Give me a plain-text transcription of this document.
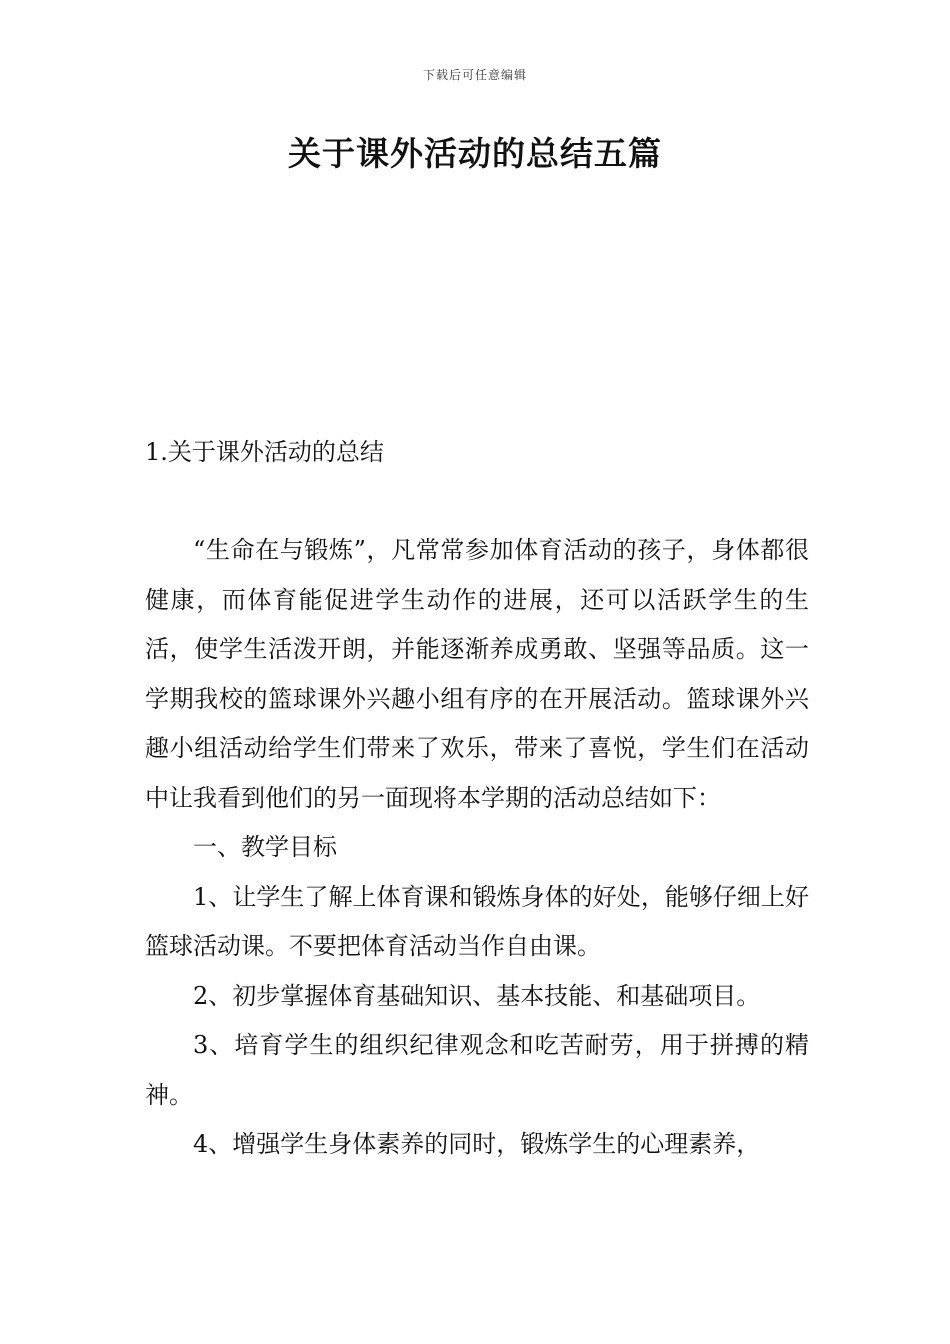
下载后可任意编辑
关于课外活动的总结五篇
1.关于课外活动的总结

“生命在与锻炼”，凡常常参加体育活动的孩子，身体都很健康，而体育能促进学生动作的进展，还可以活跃学生的生活，使学生活泼开朗，并能逐渐养成勇敢、坚强等品质。这一学期我校的篮球课外兴趣小组有序的在开展活动。篮球课外兴趣小组活动给学生们带来了欢乐，带来了喜悦，学生们在活动中让我看到他们的另一面现将本学期的活动总结如下：

一、教学目标

1、让学生了解上体育课和锻炼身体的好处，能够仔细上好篮球活动课。不要把体育活动当作自由课。

2、初步掌握体育基础知识、基本技能、和基础项目。

3、培育学生的组织纪律观念和吃苦耐劳，用于拼搏的精神。

4、增强学生身体素养的同时，锻炼学生的心理素养，
